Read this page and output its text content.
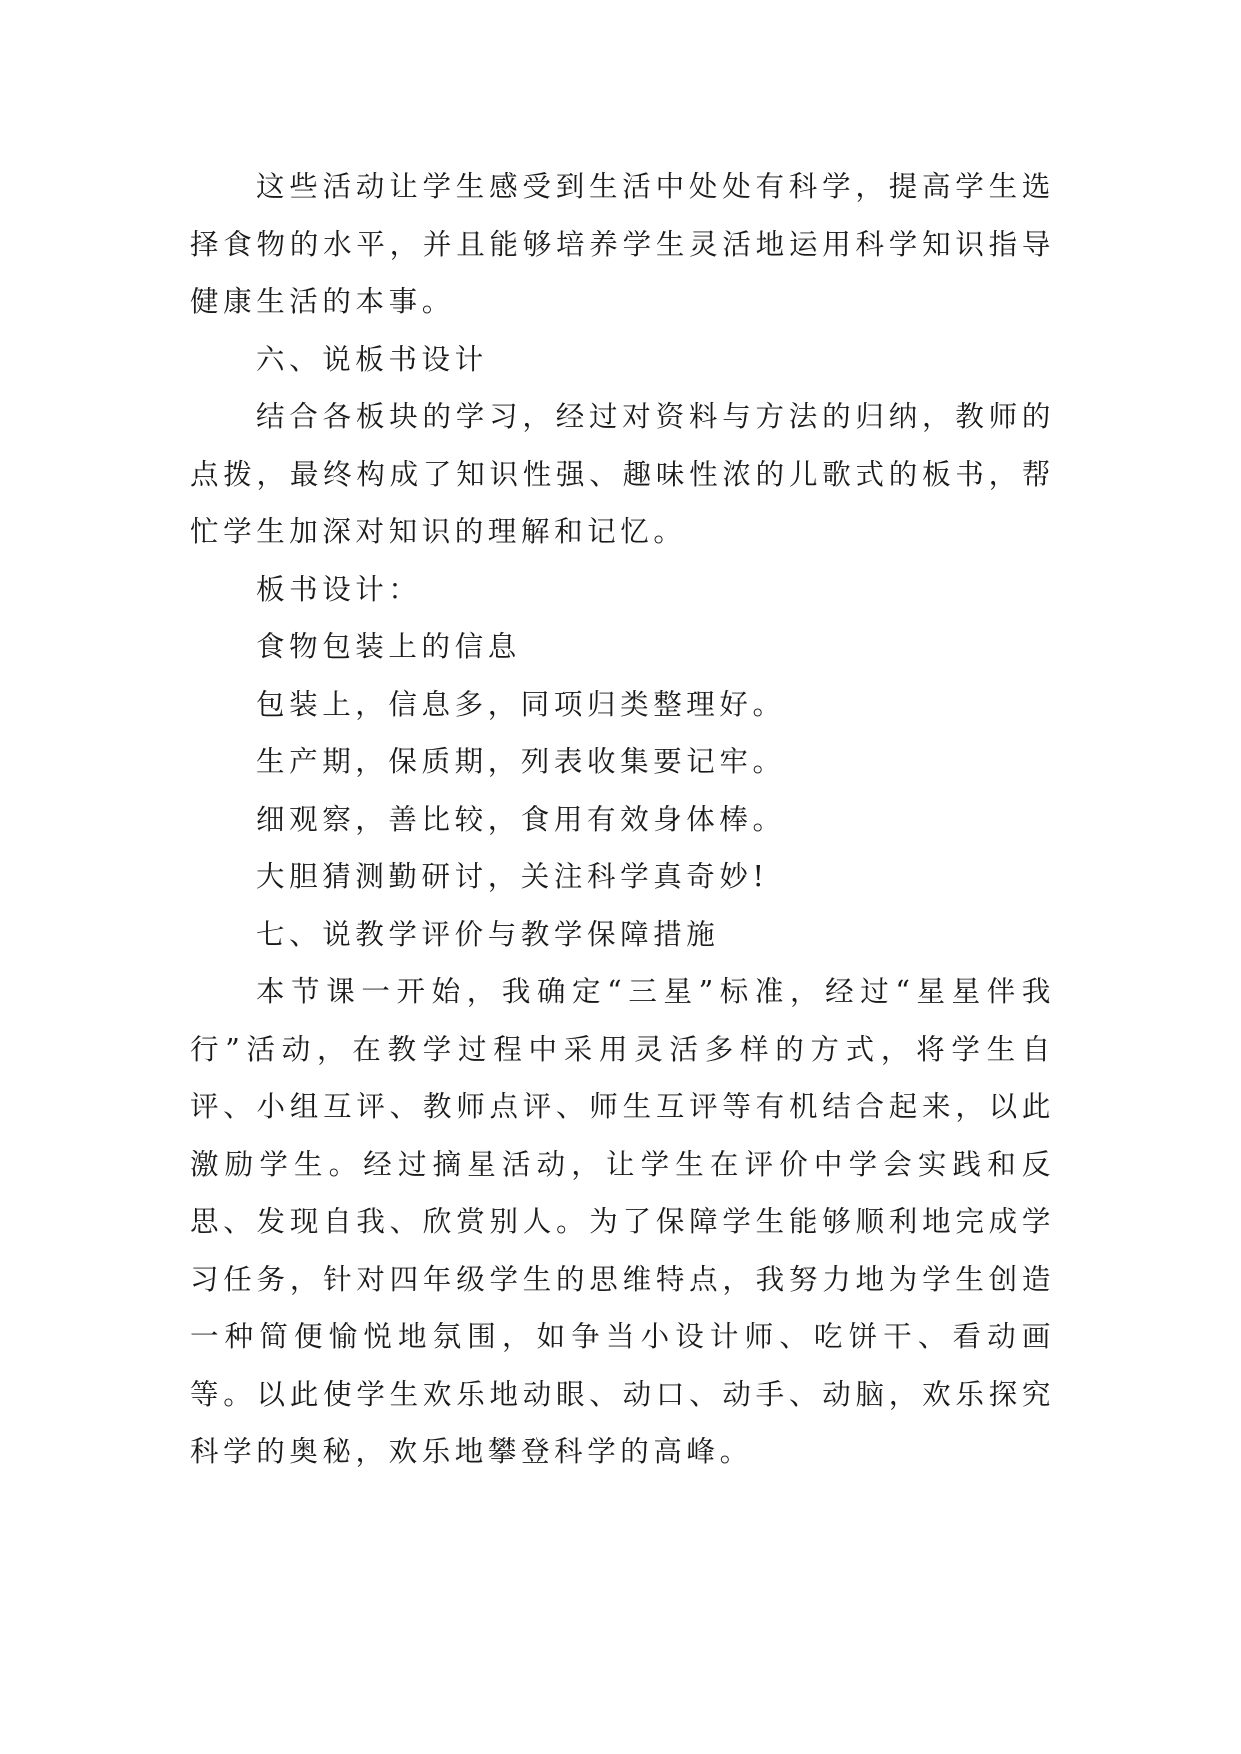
这些活动让学生感受到生活中处处有科学，提高学生选择食物的水平，并且能够培养学生灵活地运用科学知识指导健康生活的本事。

六、说板书设计

结合各板块的学习，经过对资料与方法的归纳，教师的点拨，最终构成了知识性强、趣味性浓的儿歌式的板书，帮忙学生加深对知识的理解和记忆。

板书设计：

食物包装上的信息

包装上，信息多，同项归类整理好。

生产期，保质期，列表收集要记牢。

细观察，善比较，食用有效身体棒。

大胆猜测勤研讨，关注科学真奇妙!

七、说教学评价与教学保障措施

本节课一开始，我确定“三星”标准，经过“星星伴我行”活动，在教学过程中采用灵活多样的方式，将学生自评、小组互评、教师点评、师生互评等有机结合起来，以此激励学生。经过摘星活动，让学生在评价中学会实践和反思、发现自我、欣赏别人。为了保障学生能够顺利地完成学习任务，针对四年级学生的思维特点，我努力地为学生创造一种简便愉悦地氛围，如争当小设计师、吃饼干、看动画等。以此使学生欢乐地动眼、动口、动手、动脑，欢乐探究科学的奥秘，欢乐地攀登科学的高峰。
